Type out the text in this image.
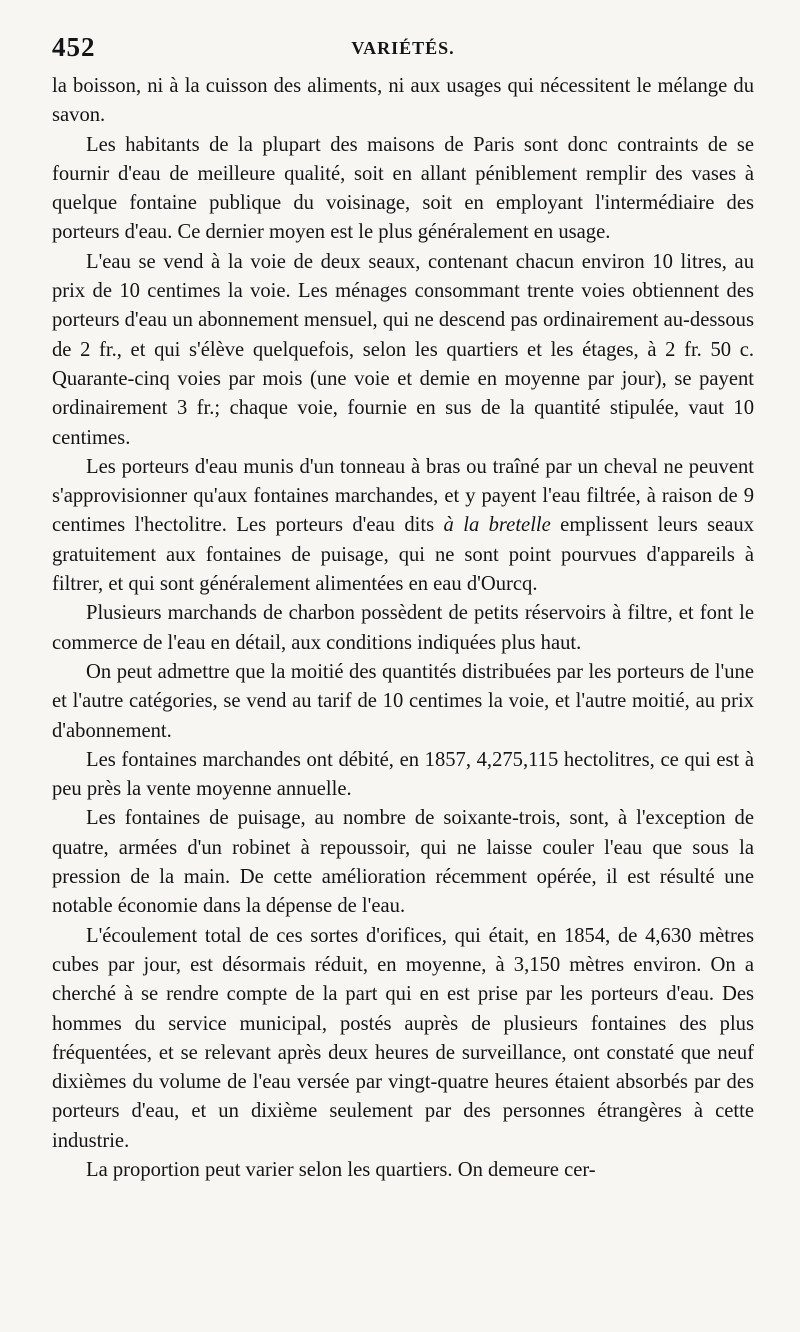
452	VARIÉTÉS.

la boisson, ni à la cuisson des aliments, ni aux usages qui nécessitent le mélange du savon.

Les habitants de la plupart des maisons de Paris sont donc contraints de se fournir d'eau de meilleure qualité, soit en allant péniblement remplir des vases à quelque fontaine publique du voisinage, soit en employant l'intermédiaire des porteurs d'eau. Ce dernier moyen est le plus généralement en usage.

L'eau se vend à la voie de deux seaux, contenant chacun environ 10 litres, au prix de 10 centimes la voie. Les ménages consommant trente voies obtiennent des porteurs d'eau un abonnement mensuel, qui ne descend pas ordinairement au-dessous de 2 fr., et qui s'élève quelquefois, selon les quartiers et les étages, à 2 fr. 50 c. Quarante-cinq voies par mois (une voie et demie en moyenne par jour), se payent ordinairement 3 fr.; chaque voie, fournie en sus de la quantité stipulée, vaut 10 centimes.

Les porteurs d'eau munis d'un tonneau à bras ou traîné par un cheval ne peuvent s'approvisionner qu'aux fontaines marchandes, et y payent l'eau filtrée, à raison de 9 centimes l'hectolitre. Les porteurs d'eau dits à la bretelle emplissent leurs seaux gratuitement aux fontaines de puisage, qui ne sont point pourvues d'appareils à filtrer, et qui sont généralement alimentées en eau d'Ourcq.

Plusieurs marchands de charbon possèdent de petits réservoirs à filtre, et font le commerce de l'eau en détail, aux conditions indiquées plus haut.

On peut admettre que la moitié des quantités distribuées par les porteurs de l'une et l'autre catégories, se vend au tarif de 10 centimes la voie, et l'autre moitié, au prix d'abonnement.

Les fontaines marchandes ont débité, en 1857, 4,275,115 hectolitres, ce qui est à peu près la vente moyenne annuelle.

Les fontaines de puisage, au nombre de soixante-trois, sont, à l'exception de quatre, armées d'un robinet à repoussoir, qui ne laisse couler l'eau que sous la pression de la main. De cette amélioration récemment opérée, il est résulté une notable économie dans la dépense de l'eau.

L'écoulement total de ces sortes d'orifices, qui était, en 1854, de 4,630 mètres cubes par jour, est désormais réduit, en moyenne, à 3,150 mètres environ. On a cherché à se rendre compte de la part qui en est prise par les porteurs d'eau. Des hommes du service municipal, postés auprès de plusieurs fontaines des plus fréquentées, et se relevant après deux heures de surveillance, ont constaté que neuf dixièmes du volume de l'eau versée par vingt-quatre heures étaient absorbés par des porteurs d'eau, et un dixième seulement par des personnes étrangères à cette industrie.

La proportion peut varier selon les quartiers. On demeure cer-
